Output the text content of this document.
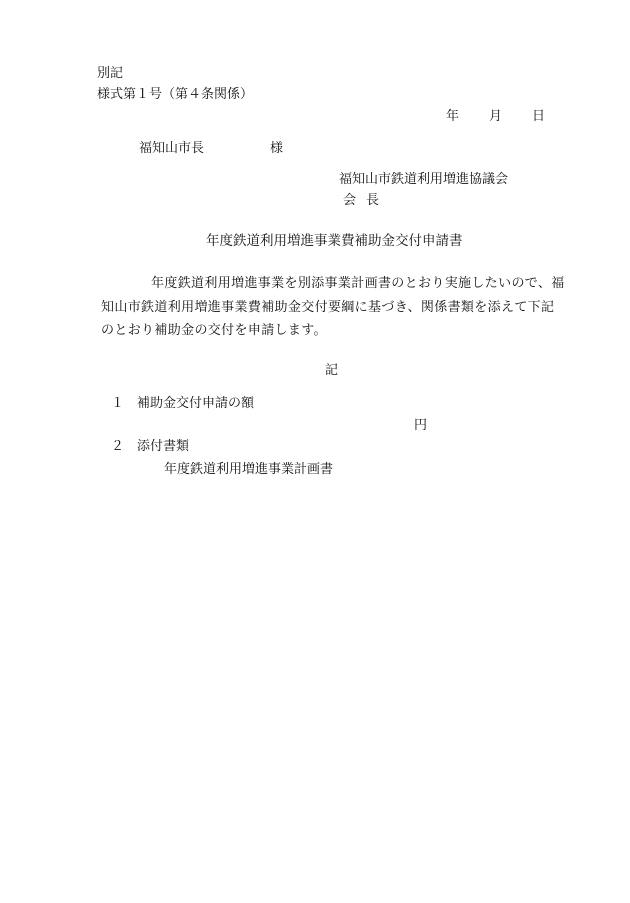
別記
様式第１号（第４条関係）
年 月 日
福知山市長	様
福知山市鉄道利用増進協議会
会 長
年度鉄道利用増進事業費補助金交付申請書
年度鉄道利用増進事業を別添事業計画書のとおり実施したいので、福
知山市鉄道利用増進事業費補助金交付要綱に基づき、関係書類を添えて下記
のとおり補助金の交付を申請します。
記
１ 補助金交付申請の額
円
２ 添付書類
年度鉄道利用増進事業計画書
